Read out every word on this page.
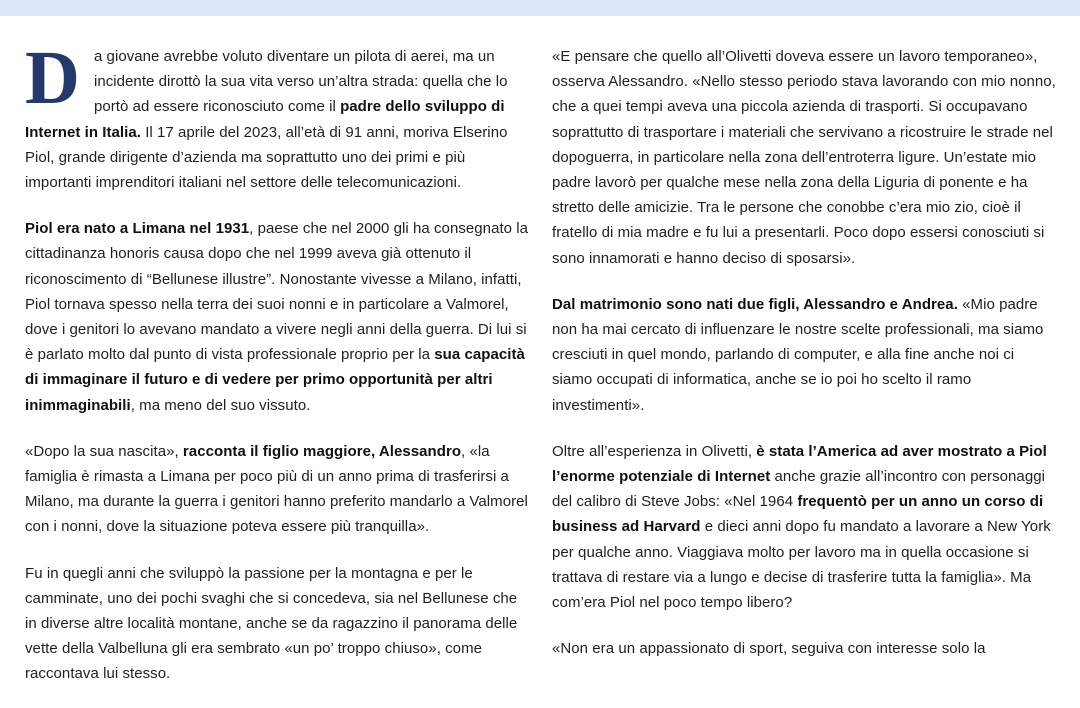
D a giovane avrebbe voluto diventare un pilota di aerei, ma un incidente dirottò la sua vita verso un’altra strada: quella che lo portò ad essere riconosciuto come il padre dello sviluppo di Internet in Italia. Il 17 aprile del 2023, all’età di 91 anni, moriva Elserino Piol, grande dirigente d’azienda ma soprattutto uno dei primi e più importanti imprenditori italiani nel settore delle telecomunicazioni.

Piol era nato a Limana nel 1931, paese che nel 2000 gli ha consegnato la cittadinanza honoris causa dopo che nel 1999 aveva già ottenuto il riconoscimento di “Bellunese illustre”. Nonostante vivesse a Milano, infatti, Piol tornava spesso nella terra dei suoi nonni e in particolare a Valmorel, dove i genitori lo avevano mandato a vivere negli anni della guerra. Di lui si è parlato molto dal punto di vista professionale proprio per la sua capacità di immaginare il futuro e di vedere per primo opportunità per altri inimmaginabili, ma meno del suo vissuto.

«Dopo la sua nascita», racconta il figlio maggiore, Alessandro, «la famiglia è rimasta a Limana per poco più di un anno prima di trasferirsi a Milano, ma durante la guerra i genitori hanno preferito mandarlo a Valmorel con i nonni, dove la situazione poteva essere più tranquilla».

Fu in quegli anni che sviluppò la passione per la montagna e per le camminate, uno dei pochi svaghi che si concedeva, sia nel Bellunese che in diverse altre località montane, anche se da ragazzino il panorama delle vette della Valbelluna gli era sembrato «un po’ troppo chiuso», come raccontava lui stesso.

«E pensare che quello all’Olivetti doveva essere un lavoro temporaneo», osserva Alessandro. «Nello stesso periodo stava lavorando con mio nonno, che a quei tempi aveva una piccola azienda di trasporti. Si occupavano soprattutto di trasportare i materiali che servivano a ricostruire le strade nel dopoguerra, in particolare nella zona dell’entroterra ligure. Un’estate mio padre lavorò per qualche mese nella zona della Liguria di ponente e ha stretto delle amicizie. Tra le persone che conobbe c’era mio zio, cioè il fratello di mia madre e fu lui a presentarli. Poco dopo essersi conosciuti si sono innamorati e hanno deciso di sposarsi».

Dal matrimonio sono nati due figli, Alessandro e Andrea. «Mio padre non ha mai cercato di influenzare le nostre scelte professionali, ma siamo cresciuti in quel mondo, parlando di computer, e alla fine anche noi ci siamo occupati di informatica, anche se io poi ho scelto il ramo investimenti».

Oltre all’esperienza in Olivetti, è stata l’America ad aver mostrato a Piol l’enorme potenziale di Internet anche grazie all’incontro con personaggi del calibro di Steve Jobs: «Nel 1964 frequentò per un anno un corso di business ad Harvard e dieci anni dopo fu mandato a lavorare a New York per qualche anno. Viaggiava molto per lavoro ma in quella occasione si trattava di restare via a lungo e decise di trasferire tutta la famiglia». Ma com’era Piol nel poco tempo libero?

«Non era un appassionato di sport, seguiva con interesse solo la
